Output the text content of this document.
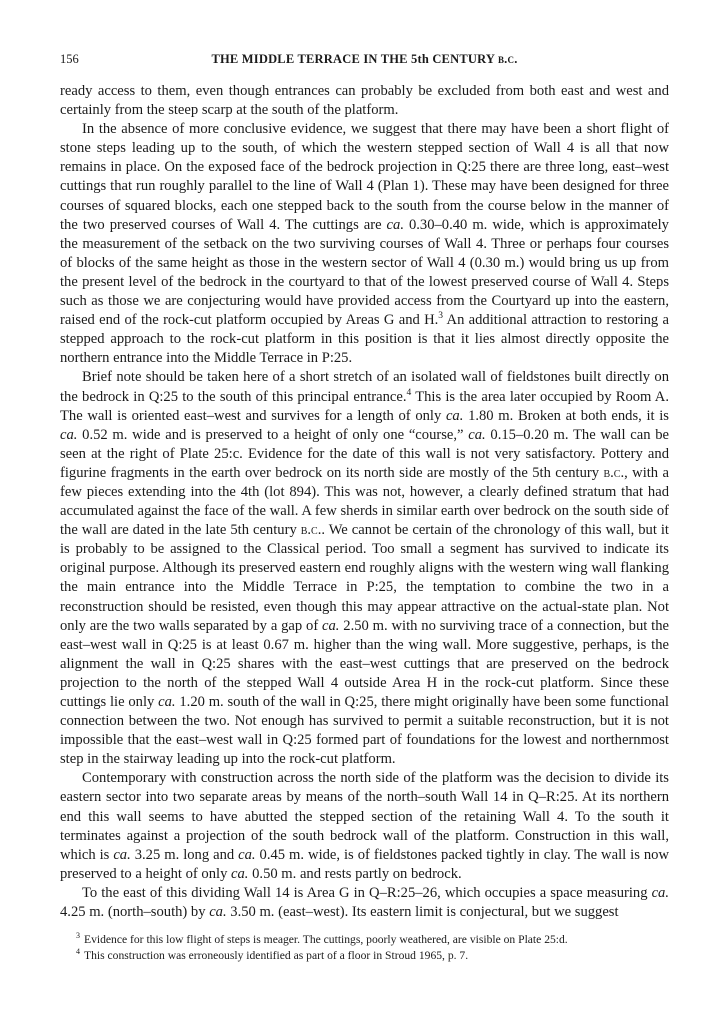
156	THE MIDDLE TERRACE IN THE 5th CENTURY b.c.

ready access to them, even though entrances can probably be excluded from both east and west and certainly from the steep scarp at the south of the platform.

In the absence of more conclusive evidence, we suggest that there may have been a short flight of stone steps leading up to the south, of which the western stepped section of Wall 4 is all that now remains in place. On the exposed face of the bedrock projection in Q:25 there are three long, east–west cuttings that run roughly parallel to the line of Wall 4 (Plan 1). These may have been designed for three courses of squared blocks, each one stepped back to the south from the course below in the manner of the two preserved courses of Wall 4. The cuttings are ca. 0.30–0.40 m. wide, which is approximately the measurement of the setback on the two surviving courses of Wall 4. Three or perhaps four courses of blocks of the same height as those in the western sector of Wall 4 (0.30 m.) would bring us up from the present level of the bedrock in the courtyard to that of the lowest preserved course of Wall 4. Steps such as those we are conjecturing would have provided access from the Courtyard up into the eastern, raised end of the rock-cut platform occupied by Areas G and H.$^3$ An additional attraction to restoring a stepped approach to the rock-cut platform in this position is that it lies almost directly opposite the northern entrance into the Middle Terrace in P:25.

Brief note should be taken here of a short stretch of an isolated wall of fieldstones built directly on the bedrock in Q:25 to the south of this principal entrance.$^4$ This is the area later occupied by Room A. The wall is oriented east–west and survives for a length of only ca. 1.80 m. Broken at both ends, it is ca. 0.52 m. wide and is preserved to a height of only one “course,” ca. 0.15–0.20 m. The wall can be seen at the right of Plate 25:c. Evidence for the date of this wall is not very satisfactory. Pottery and figurine fragments in the earth over bedrock on its north side are mostly of the 5th century b.c., with a few pieces extending into the 4th (lot 894). This was not, however, a clearly defined stratum that had accumulated against the face of the wall. A few sherds in similar earth over bedrock on the south side of the wall are dated in the late 5th century b.c.. We cannot be certain of the chronology of this wall, but it is probably to be assigned to the Classical period. Too small a segment has survived to indicate its original purpose. Although its preserved eastern end roughly aligns with the western wing wall flanking the main entrance into the Middle Terrace in P:25, the temptation to combine the two in a reconstruction should be resisted, even though this may appear attractive on the actual-state plan. Not only are the two walls separated by a gap of ca. 2.50 m. with no surviving trace of a connection, but the east–west wall in Q:25 is at least 0.67 m. higher than the wing wall. More suggestive, perhaps, is the alignment the wall in Q:25 shares with the east–west cuttings that are preserved on the bedrock projection to the north of the stepped Wall 4 outside Area H in the rock-cut platform. Since these cuttings lie only ca. 1.20 m. south of the wall in Q:25, there might originally have been some functional connection between the two. Not enough has survived to permit a suitable reconstruction, but it is not impossible that the east–west wall in Q:25 formed part of foundations for the lowest and northernmost step in the stairway leading up into the rock-cut platform.

Contemporary with construction across the north side of the platform was the decision to divide its eastern sector into two separate areas by means of the north–south Wall 14 in Q–R:25. At its northern end this wall seems to have abutted the stepped section of the retaining Wall 4. To the south it terminates against a projection of the south bedrock wall of the platform. Construction in this wall, which is ca. 3.25 m. long and ca. 0.45 m. wide, is of fieldstones packed tightly in clay. The wall is now preserved to a height of only ca. 0.50 m. and rests partly on bedrock.

To the east of this dividing Wall 14 is Area G in Q–R:25–26, which occupies a space measuring ca. 4.25 m. (north–south) by ca. 3.50 m. (east–west). Its eastern limit is conjectural, but we suggest

$^3$ Evidence for this low flight of steps is meager. The cuttings, poorly weathered, are visible on Plate 25:d.
$^4$ This construction was erroneously identified as part of a floor in Stroud 1965, p. 7.
